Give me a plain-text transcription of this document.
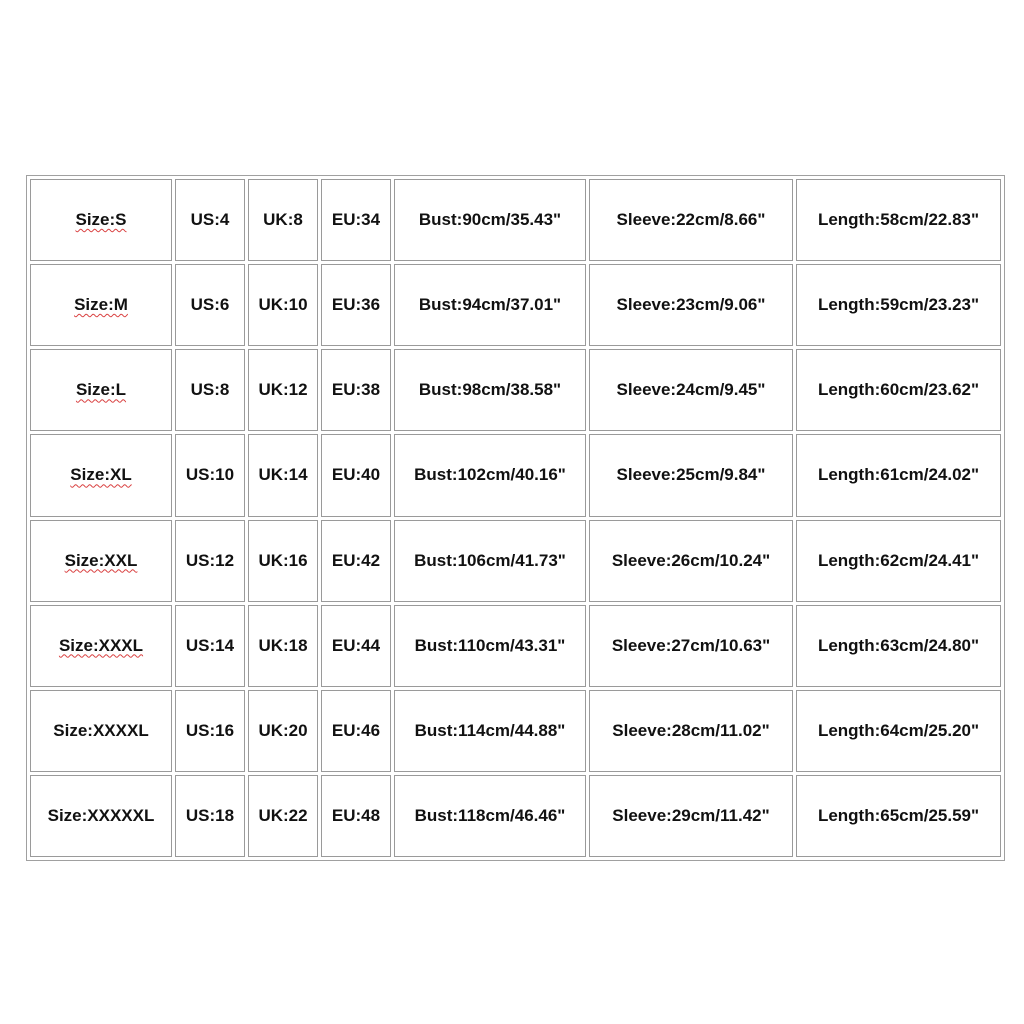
Size:S	US:4	UK:8	EU:34	Bust:90cm/35.43"	Sleeve:22cm/8.66"	Length:58cm/22.83"
Size:M	US:6	UK:10	EU:36	Bust:94cm/37.01"	Sleeve:23cm/9.06"	Length:59cm/23.23"
Size:L	US:8	UK:12	EU:38	Bust:98cm/38.58"	Sleeve:24cm/9.45"	Length:60cm/23.62"
Size:XL	US:10	UK:14	EU:40	Bust:102cm/40.16"	Sleeve:25cm/9.84"	Length:61cm/24.02"
Size:XXL	US:12	UK:16	EU:42	Bust:106cm/41.73"	Sleeve:26cm/10.24"	Length:62cm/24.41"
Size:XXXL	US:14	UK:18	EU:44	Bust:110cm/43.31"	Sleeve:27cm/10.63"	Length:63cm/24.80"
Size:XXXXL	US:16	UK:20	EU:46	Bust:114cm/44.88"	Sleeve:28cm/11.02"	Length:64cm/25.20"
Size:XXXXXL	US:18	UK:22	EU:48	Bust:118cm/46.46"	Sleeve:29cm/11.42"	Length:65cm/25.59"
